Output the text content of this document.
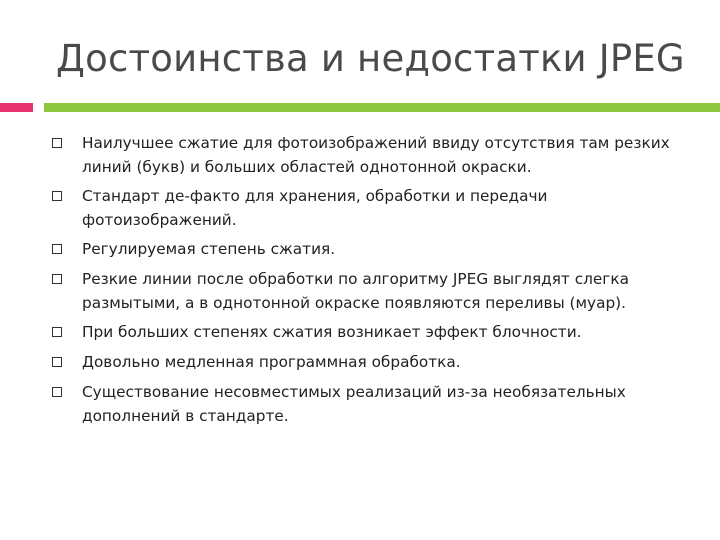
Достоинства и недостатки JPEG
Наилучшее сжатие для фотоизображений ввиду отсутствия там резких линий (букв) и больших областей однотонной окраски.
Стандарт де-факто для хранения, обработки и передачи фотоизображений.
Регулируемая степень сжатия.
Резкие линии после обработки по алгоритму JPEG выглядят слегка размытыми, а в однотонной окраске появляются переливы (муар).
При больших степенях сжатия возникает эффект блочности.
Довольно медленная программная обработка.
Существование несовместимых реализаций из-за необязательных дополнений в стандарте.
